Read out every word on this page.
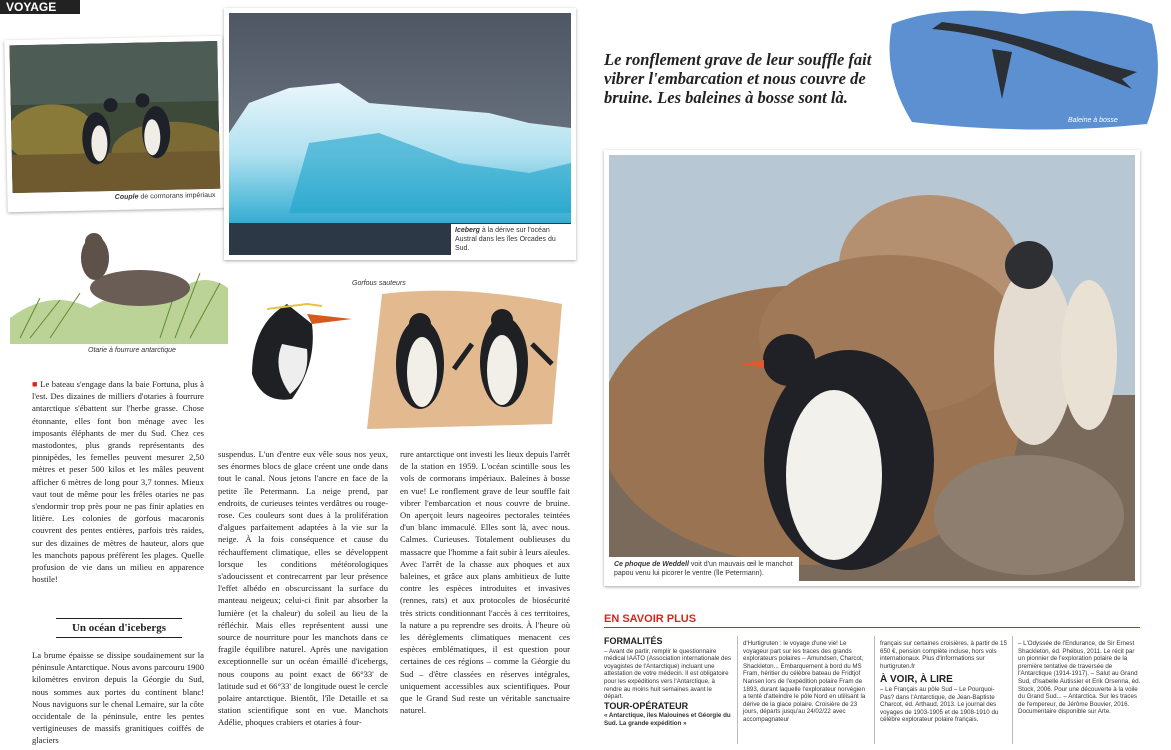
VOYAGE
Couple de cormorans impériaux
Iceberg à la dérive sur l'océan Austral dans les îles Orcades du Sud.
Otarie à fourrure antarctique
Gorfous sauteurs

■ Le bateau s'engage dans la baie Fortuna, plus à l'est. Des dizaines de milliers d'otaries à fourrure antarctique s'ébattent sur l'herbe grasse. Chose étonnante, elles font bon ménage avec les imposants éléphants de mer du Sud. Chez ces mastodontes, plus grands représentants des pinnipèdes, les femelles peuvent mesurer 2,50 mètres et peser 500 kilos et les mâles peuvent afficher 6 mètres de long pour 3,7 tonnes. Mieux vaut tout de même pour les frêles otaries ne pas s'endormir trop près pour ne pas finir aplaties en litière. Les colonies de gorfous macaronis couvrent des pentes entières, parfois très raides, sur des dizaines de mètres de hauteur, alors que les manchots papous préfèrent les plages. Quelle profusion de vie dans un milieu en apparence hostile!

Un océan d'icebergs
La brume épaisse se dissipe soudainement sur la péninsule Antarctique. Nous avons parcouru 1900 kilomètres environ depuis la Géorgie du Sud, nous sommes aux portes du continent blanc! Nous naviguons sur le chenal Lemaire, sur la côte occidentale de la péninsule, entre les pentes vertigineuses de massifs granitiques coiffés de glaciers
suspendus. L'un d'entre eux vêle sous nos yeux, ses énormes blocs de glace créent une onde dans tout le canal. Nous jetons l'ancre en face de la petite île Petermann. La neige prend, par endroits, de curieuses teintes verdâtres ou rouge-rose. Ces couleurs sont dues à la prolifération d'algues parfaitement adaptées à la vie sur la neige. À la fois conséquence et cause du réchauffement climatique, elles se développent lorsque les conditions météorologiques s'adoucissent et contrecarrent par leur présence l'effet albédo en obscurcissant la surface du manteau neigeux; celui-ci finit par absorber la lumière (et la chaleur) du soleil au lieu de la réfléchir. Mais elles représentent aussi une source de nourriture pour les manchots dans ce fragile équilibre naturel. Après une navigation exceptionnelle sur un océan émaillé d'icebergs, nous coupons au point exact de 66°33' de latitude sud et 66°33' de longitude ouest le cercle polaire antarctique. Bientôt, l'île Detaille et sa station scientifique sont en vue. Manchots Adélie, phoques crabiers et otaries à four-
rure antarctique ont investi les lieux depuis l'arrêt de la station en 1959. L'océan scintille sous les vols de cormorans impériaux. Baleines à bosse en vue! Le ronflement grave de leur souffle fait vibrer l'embarcation et nous couvre de bruine. On aperçoit leurs nageoires pectorales teintées d'un blanc immaculé. Elles sont là, avec nous. Calmes. Curieuses. Totalement oublieuses du massacre que l'homme a fait subir à leurs aïeules. Avec l'arrêt de la chasse aux phoques et aux baleines, et grâce aux plans ambitieux de lutte contre les espèces introduites et invasives (rennes, rats) et aux protocoles de biosécurité très stricts conditionnant l'accès à ces territoires, la nature a pu reprendre ses droits. À l'heure où les dérèglements climatiques menacent ces espèces emblématiques, il est question pour certaines de ces régions – comme la Géorgie du Sud – d'être classées en réserves intégrales, uniquement accessibles aux scientifiques. Pour que le Grand Sud reste un véritable sanctuaire naturel.
Le ronflement grave de leur souffle fait vibrer l'embarcation et nous couvre de bruine. Les baleines à bosse sont là.
Baleine à bosse
Ce phoque de Weddell voit d'un mauvais œil le manchot papou venu lui picorer le ventre (île Petermann).
EN SAVOIR PLUS
FORMALITÉS
– Avant de partir, remplir le questionnaire médical IAATO (Association internationale des voyagistes de l'Antarctique) incluant une attestation de votre médecin. Il est obligatoire pour les expéditions vers l'Antarctique, à rendre au moins huit semaines avant le départ.
TOUR-OPÉRATEUR
« Antarctique, îles Malouines et Géorgie du Sud. La grande expédition »
d'Hurtigruten : le voyage d'une vie! Le voyageur part sur les traces des grands explorateurs polaires – Amundsen, Charcot, Shackleton... Embarquement à bord du MS Fram, héritier du célèbre bateau de Fridtjof Nansen lors de l'expédition polaire Fram de 1893, durant laquelle l'explorateur norvégien a tenté d'atteindre le pôle Nord en utilisant la dérive de la glace polaire. Croisière de 23 jours, départs jusqu'au 24/02/22 avec accompagnateur
français sur certaines croisières, à partir de 15 650 €, pension complète incluse, hors vols internationaux. Plus d'informations sur hurtigruten.fr
À VOIR, À LIRE
– Le Français au pôle Sud – Le Pourquoi-Pas? dans l'Antarctique, de Jean-Baptiste Charcot, éd. Arthaud, 2013. Le journal des voyages de 1903-1905 et de 1908-1910 du célèbre explorateur polaire français.
– L'Odyssée de l'Endurance, de Sir Ernest Shackleton, éd. Phébus, 2011. Le récit par un pionnier de l'exploration polaire de la première tentative de traversée de l'Antarctique (1914-1917). – Salut au Grand Sud, d'Isabelle Autissier et Erik Orsenna, éd. Stock, 2006. Pour une découverte à la voile du Grand Sud... – Antarctica. Sur les traces de l'empereur, de Jérôme Bouvier, 2016. Documentaire disponible sur Arte.
